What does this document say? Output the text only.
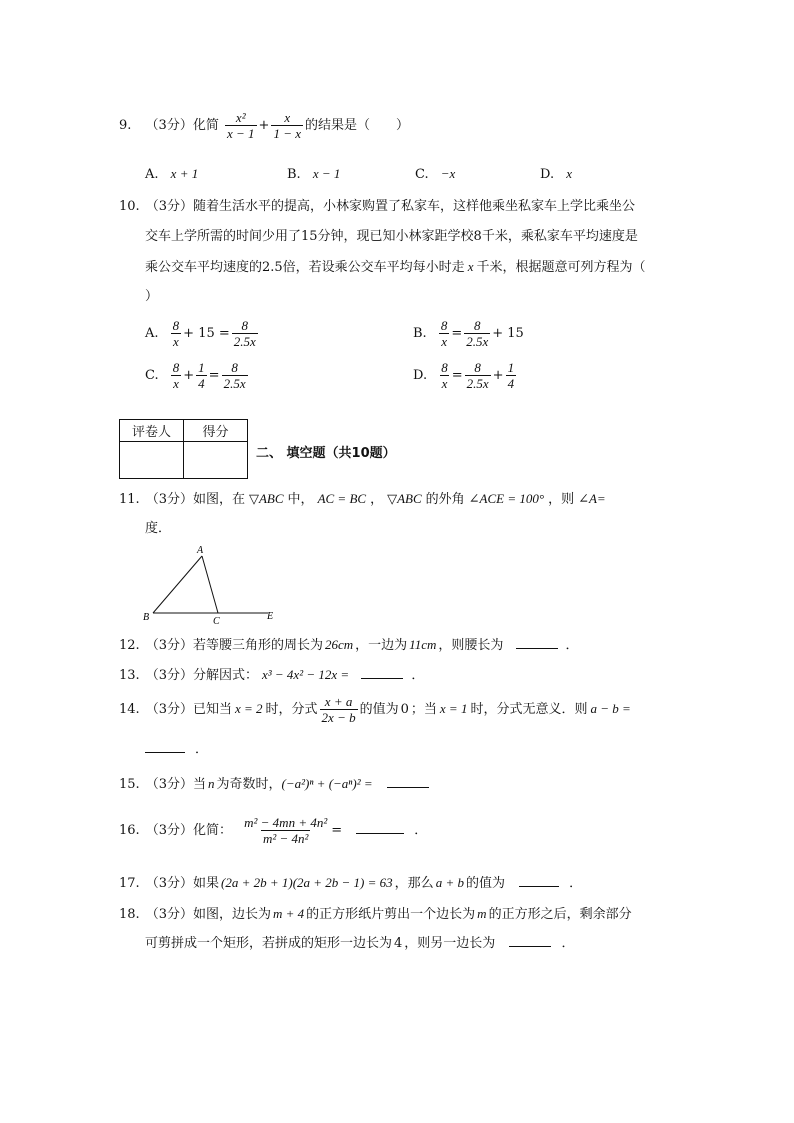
9. （3分）化简 $\frac{\text{x²}}{x - 1} + \frac{x}{1 - x}$ 的结果是（　　）
A. x + 1	B. x − 1	C. −x	D. x
10. （3分）随着生活水平的提高，小林家购置了私家车，这样他乘坐私家车上学比乘坐公
交车上学所需的时间少用了15分钟，现已知小林家距学校8千米，乘私家车平均速度是
乘公交车平均速度的2.5倍，若设乘公交车平均每小时走 x 千米，根据题意可列方程为（
）
A. $\frac{8}{x} + 15 = \frac{8}{2.5x}$	B. $\frac{8}{x} = \frac{8}{2.5x} + 15$
C. $\frac{8}{x} + \frac{1}{4} = \frac{8}{2.5x}$	D. $\frac{8}{x} = \frac{8}{2.5x} + \frac{1}{4}$
评卷人	得分

二、 填空题（共10题）
11. （3分）如图，在 ▽ABC 中， AC = BC ， ▽ABC 的外角 ∠ACE = 100° ，则 ∠A=
度．
A
B	C	E
12. （3分）若等腰三角形的周长为 26cm ，一边为 11cm ，则腰长为	．
13. （3分）分解因式： x³ − 4x² − 12x =	．
14. （3分）已知当 x = 2 时，分式 $\frac{x + a}{2x - b}$ 的值为 0 ；当 x = 1 时，分式无意义．则 a − b =
．
15. （3分）当 n 为奇数时，(−a²)ⁿ + (−aⁿ)² =
16. （3分）化简： $\frac{\text{m² − 4mn + 4n²}}{\text{m² − 4n²}}$ =	．
17. （3分）如果 (2a + 2b + 1)(2a + 2b − 1) = 63 ，那么 a + b 的值为	．
18. （3分）如图，边长为 m + 4 的正方形纸片剪出一个边长为 m 的正方形之后，剩余部分
可剪拼成一个矩形，若拼成的矩形一边长为 4 ，则另一边长为	．
